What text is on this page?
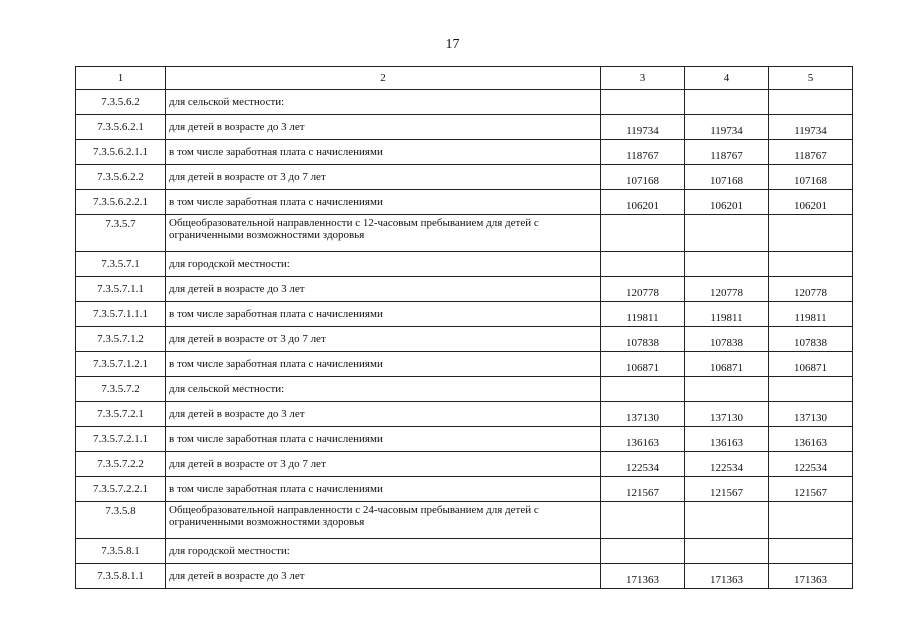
17
1	2	3	4	5
7.3.5.6.2	для сельской местности:			
7.3.5.6.2.1	для детей в возрасте до 3 лет	119734	119734	119734
7.3.5.6.2.1.1	в том числе заработная плата с начислениями	118767	118767	118767
7.3.5.6.2.2	для детей в возрасте от 3 до 7 лет	107168	107168	107168
7.3.5.6.2.2.1	в том числе заработная плата с начислениями	106201	106201	106201
7.3.5.7	Общеобразовательной направленности с 12-часовым пребыванием для детей с ограниченными возможностями здоровья			
7.3.5.7.1	для городской местности:			
7.3.5.7.1.1	для детей в возрасте до 3 лет	120778	120778	120778
7.3.5.7.1.1.1	в том числе заработная плата с начислениями	119811	119811	119811
7.3.5.7.1.2	для детей в возрасте от 3 до 7 лет	107838	107838	107838
7.3.5.7.1.2.1	в том числе заработная плата с начислениями	106871	106871	106871
7.3.5.7.2	для сельской местности:			
7.3.5.7.2.1	для детей в возрасте до 3 лет	137130	137130	137130
7.3.5.7.2.1.1	в том числе заработная плата с начислениями	136163	136163	136163
7.3.5.7.2.2	для детей в возрасте от 3 до 7 лет	122534	122534	122534
7.3.5.7.2.2.1	в том числе заработная плата с начислениями	121567	121567	121567
7.3.5.8	Общеобразовательной направленности с 24-часовым пребыванием для детей с ограниченными возможностями здоровья			
7.3.5.8.1	для городской местности:			
7.3.5.8.1.1	для детей в возрасте до 3 лет	171363	171363	171363
